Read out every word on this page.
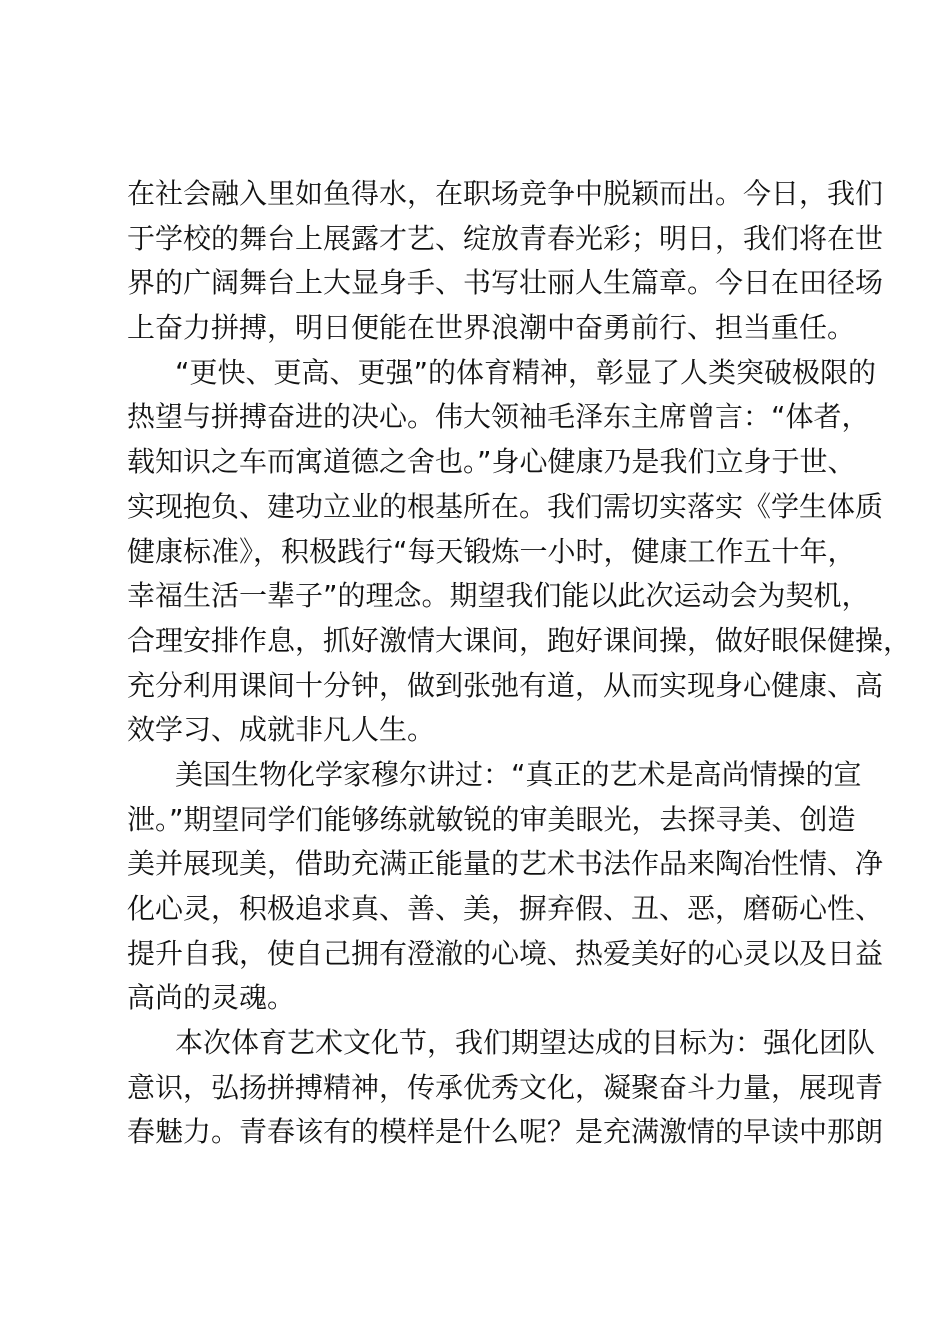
在社会融入里如鱼得水，在职场竞争中脱颖而出。今日，我们
于学校的舞台上展露才艺、绽放青春光彩；明日，我们将在世
界的广阔舞台上大显身手、书写壮丽人生篇章。今日在田径场
上奋力拼搏，明日便能在世界浪潮中奋勇前行、担当重任。
“更快、更高、更强”的体育精神，彰显了人类突破极限的
热望与拼搏奋进的决心。伟大领袖毛泽东主席曾言：“体者，
载知识之车而寓道德之舍也。”身心健康乃是我们立身于世、
实现抱负、建功立业的根基所在。我们需切实落实《学生体质
健康标准》，积极践行“每天锻炼一小时，健康工作五十年，
幸福生活一辈子”的理念。期望我们能以此次运动会为契机，
合理安排作息，抓好激情大课间，跑好课间操，做好眼保健操，
充分利用课间十分钟，做到张弛有道，从而实现身心健康、高
效学习、成就非凡人生。
美国生物化学家穆尔讲过：“真正的艺术是高尚情操的宣
泄。”期望同学们能够练就敏锐的审美眼光，去探寻美、创造
美并展现美，借助充满正能量的艺术书法作品来陶冶性情、净
化心灵，积极追求真、善、美，摒弃假、丑、恶，磨砺心性、
提升自我，使自己拥有澄澈的心境、热爱美好的心灵以及日益
高尚的灵魂。
本次体育艺术文化节，我们期望达成的目标为：强化团队
意识，弘扬拼搏精神，传承优秀文化，凝聚奋斗力量，展现青
春魅力。青春该有的模样是什么呢？是充满激情的早读中那朗
